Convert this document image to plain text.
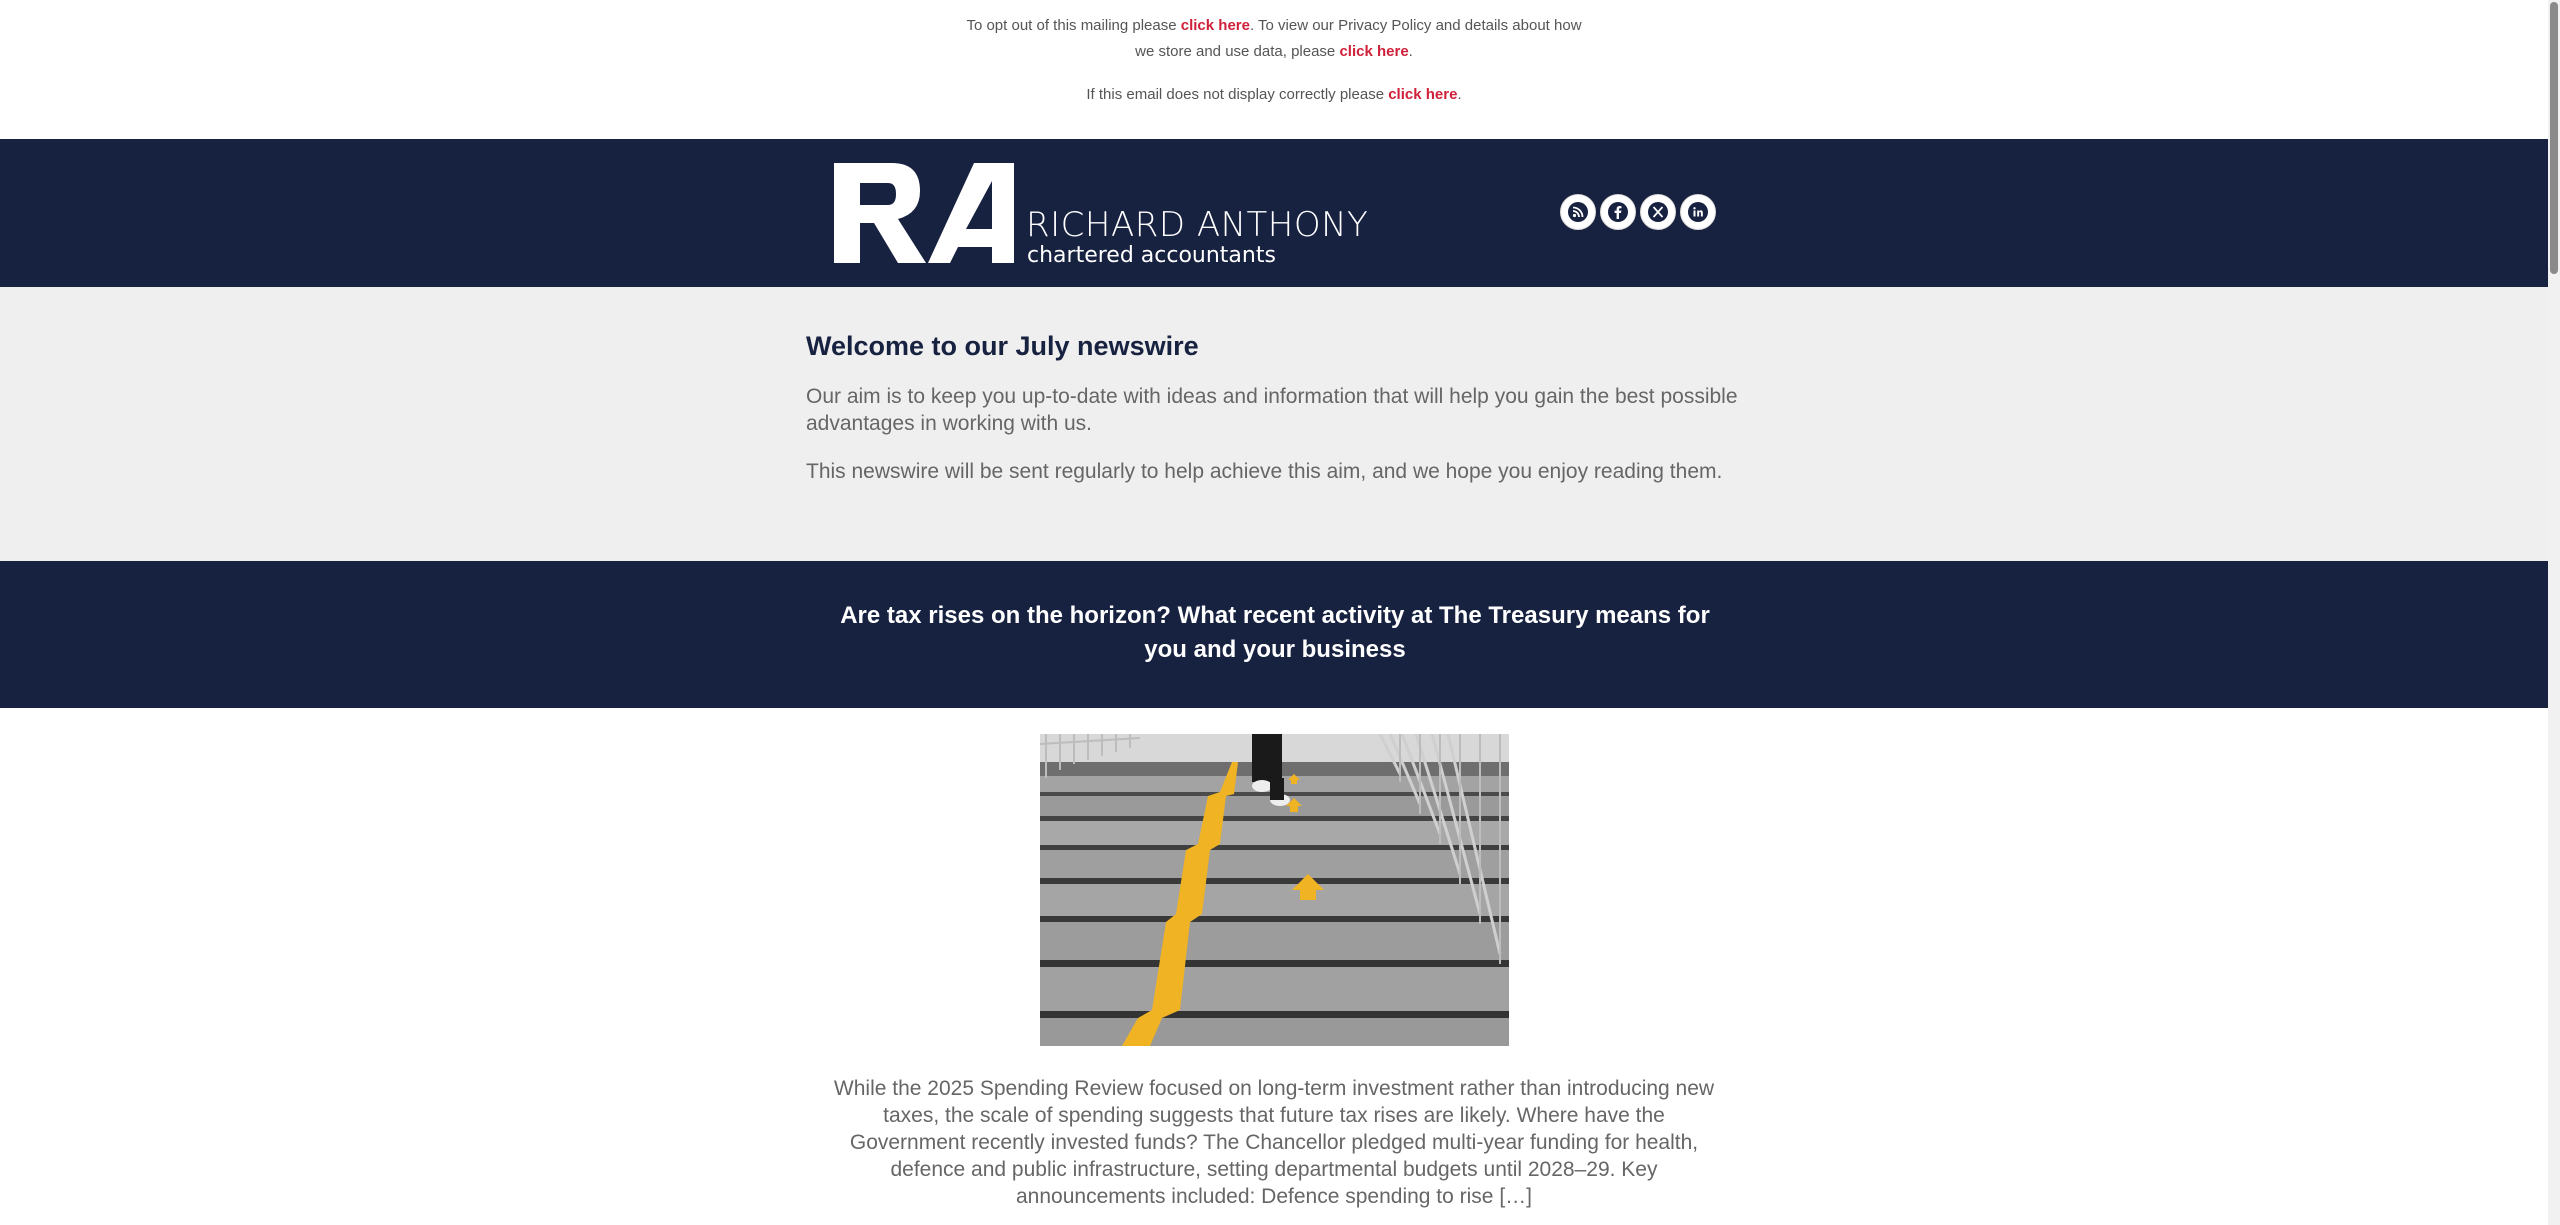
To opt out of this mailing please click here. To view our Privacy Policy and details about how
we store and use data, please click here.
If this email does not display correctly please click here.
RICHARD ANTHONY
chartered accountants
Welcome to our July newswire

Our aim is to keep you up-to-date with ideas and information that will help you gain the best possible advantages in working with us.

This newswire will be sent regularly to help achieve this aim, and we hope you enjoy reading them.

Are tax rises on the horizon? What recent activity at The Treasury means for you and your business

While the 2025 Spending Review focused on long-term investment rather than introducing new taxes, the scale of spending suggests that future tax rises are likely. Where have the Government recently invested funds? The Chancellor pledged multi-year funding for health, defence and public infrastructure, setting departmental budgets until 2028–29. Key announcements included: Defence spending to rise […]
